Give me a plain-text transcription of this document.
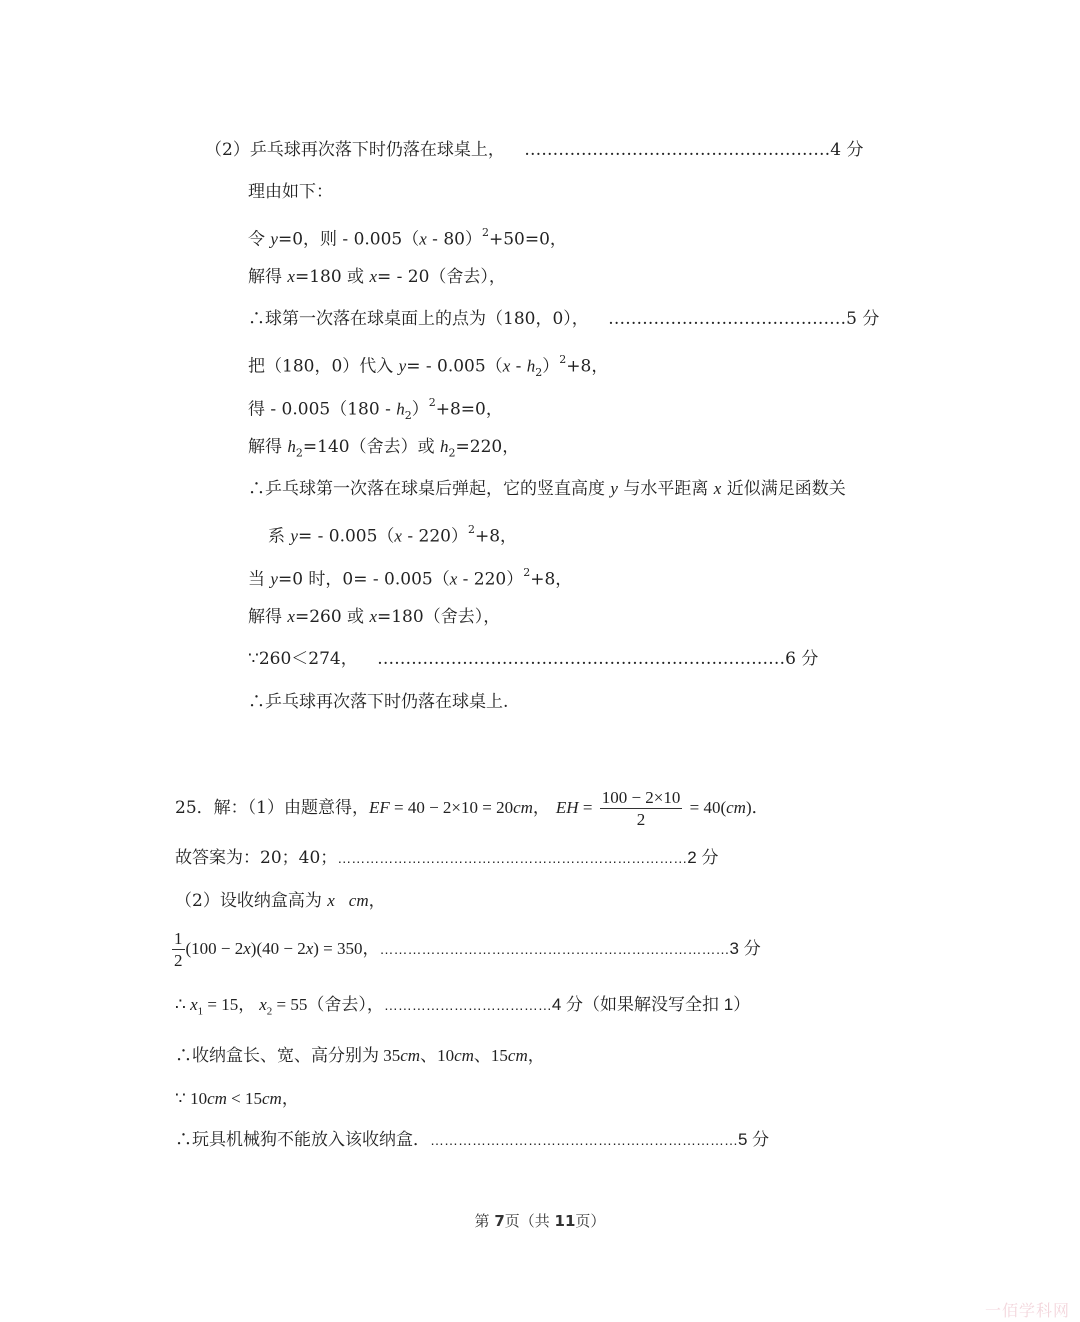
（2）乒乓球再次落下时仍落在球桌上， ………………………………………………4 分
理由如下：
令 y=0，则 - 0.005（x - 80）$^2$+50=0，
解得 x=180 或 x= - 20（舍去），
∴球第一次落在球桌面上的点为（180，0）， ……………………………………5 分
把（180，0）代入 $y= - 0.005(x - h_2)^2+8$，
得 - $0.005(180 - h_2)^2+8=0$，
解得 $h_2=140$（舍去）或 $h_2=220$，
∴乒乓球第一次落在球桌后弹起，它的竖直高度 y 与水平距离 x 近似满足函数关
系 y= - 0.005（x - 220）$^2$+8，
当 y=0 时，0= - 0.005（x - 220）$^2$+8，
解得 x=260 或 x=180（舍去），
∵260＜274， ………………………………………………………………6 分
∴乒乓球再次落下时仍落在球桌上.
25．解：（1）由题意得，EF = 40 − 2×10 = 20cm， EH = $\frac{100 - 2\times 10}{2} = 40(cm)$．
故答案为：20；40；…………………………………………………………………2 分
（2）设收纳盒高为 x cm，
$\frac{1}{2} (100 - 2x)(40 - 2x) = 350$，…………………………………………………………………3 分
∴ $x_1 = 15$， $x_2 = 55$（舍去），………………………………4 分（如果解没写全扣 1）
∴收纳盒长、宽、高分别为 35cm、10cm、15cm，
∵ 10cm < 15cm，
∴玩具机械狗不能放入该收纳盒．…………………………………………………………5 分
第 7页（共 11页）
一佰学科网
